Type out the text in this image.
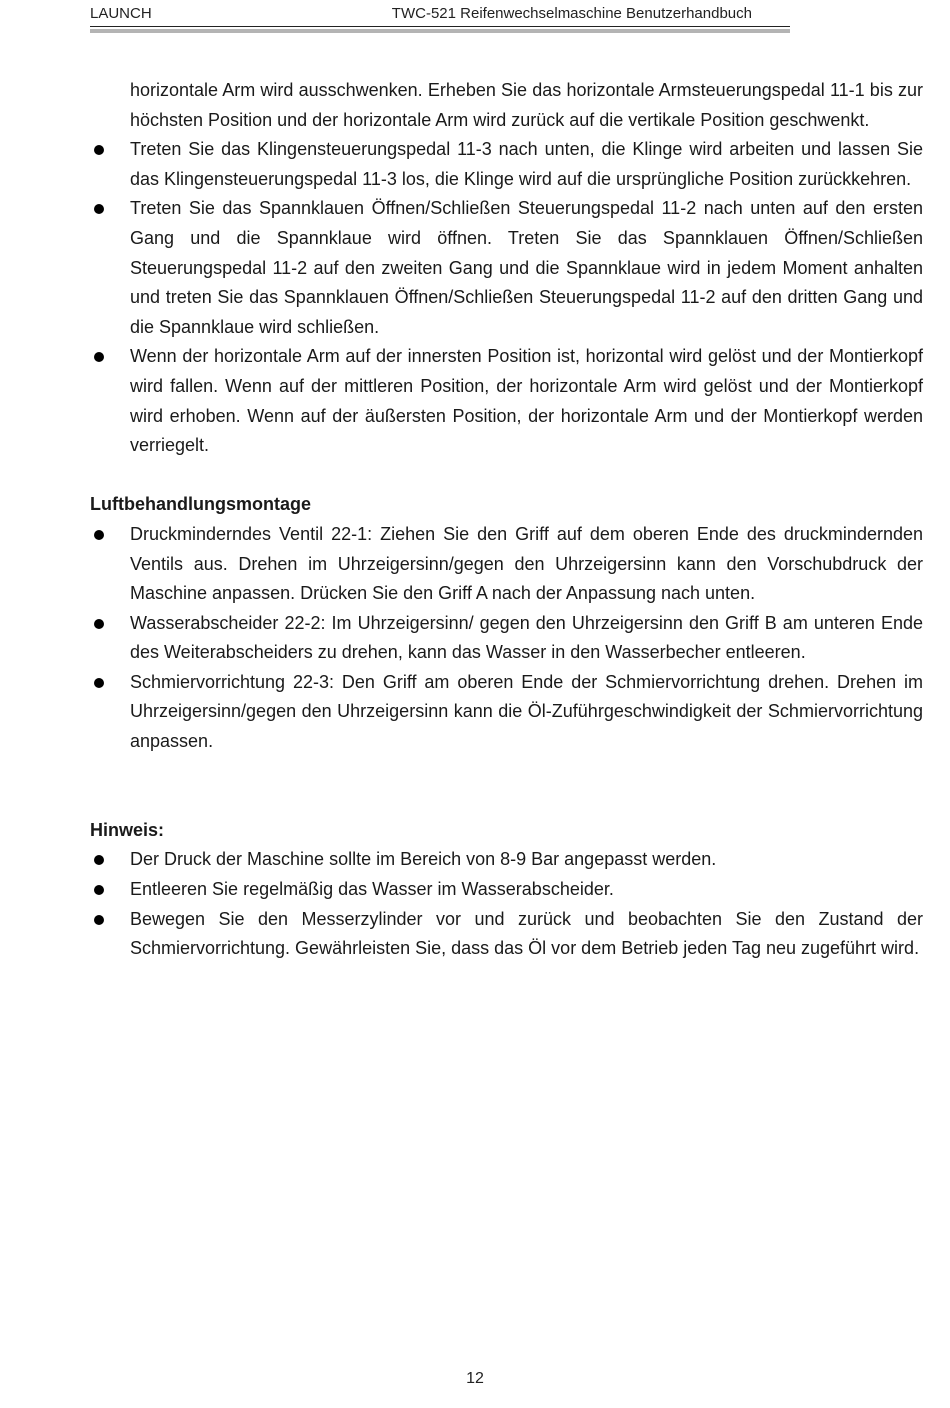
LAUNCH	TWC-521 Reifenwechselmaschine Benutzerhandbuch

horizontale Arm wird ausschwenken. Erheben Sie das horizontale Armsteuerungspedal 11-1 bis zur höchsten Position und der horizontale Arm wird zurück auf die vertikale Position geschwenkt.

Treten Sie das Klingensteuerungspedal 11-3 nach unten, die Klinge wird arbeiten und lassen Sie das Klingensteuerungspedal 11-3 los, die Klinge wird auf die ursprüngliche Position zurückkehren.

Treten Sie das Spannklauen Öffnen/Schließen Steuerungspedal 11-2 nach unten auf den ersten Gang und die Spannklaue wird öffnen. Treten Sie das Spannklauen Öffnen/Schließen Steuerungspedal 11-2 auf den zweiten Gang und die Spannklaue wird in jedem Moment anhalten und treten Sie das Spannklauen Öffnen/Schließen Steuerungspedal 11-2 auf den dritten Gang und die Spannklaue wird schließen.

Wenn der horizontale Arm auf der innersten Position ist, horizontal wird gelöst und der Montierkopf wird fallen. Wenn auf der mittleren Position, der horizontale Arm wird gelöst und der Montierkopf wird erhoben. Wenn auf der äußersten Position, der horizontale Arm und der Montierkopf werden verriegelt.

Luftbehandlungsmontage

Druckminderndes Ventil 22-1: Ziehen Sie den Griff auf dem oberen Ende des druckmindernden Ventils aus. Drehen im Uhrzeigersinn/gegen den Uhrzeigersinn kann den Vorschubdruck der Maschine anpassen. Drücken Sie den Griff A nach der Anpassung nach unten.

Wasserabscheider 22-2: Im Uhrzeigersinn/ gegen den Uhrzeigersinn den Griff B am unteren Ende des Weiterabscheiders zu drehen, kann das Wasser in den Wasserbecher entleeren.

Schmiervorrichtung 22-3: Den Griff am oberen Ende der Schmiervorrichtung drehen. Drehen im Uhrzeigersinn/gegen den Uhrzeigersinn kann die Öl-Zuführgeschwindigkeit der Schmiervorrichtung anpassen.

Hinweis:

Der Druck der Maschine sollte im Bereich von 8-9 Bar angepasst werden.

Entleeren Sie regelmäßig das Wasser im Wasserabscheider.

Bewegen Sie den Messerzylinder vor und zurück und beobachten Sie den Zustand der Schmiervorrichtung. Gewährleisten Sie, dass das Öl vor dem Betrieb jeden Tag neu zugeführt wird.

12
